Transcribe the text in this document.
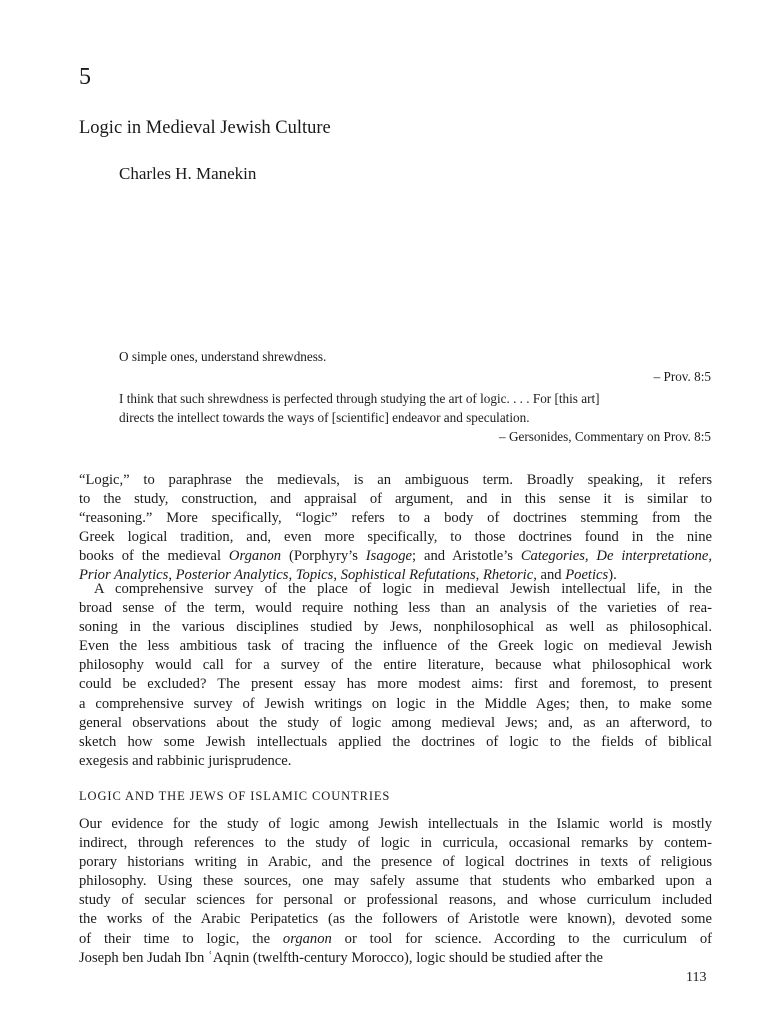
5
Logic in Medieval Jewish Culture
Charles H. Manekin
O simple ones, understand shrewdness.
– Prov. 8:5
I think that such shrewdness is perfected through studying the art of logic. . . . For [this art]
directs the intellect towards the ways of [scientific] endeavor and speculation.
– Gersonides, Commentary on Prov. 8:5
“Logic,” to paraphrase the medievals, is an ambiguous term. Broadly speaking, it refers
to the study, construction, and appraisal of argument, and in this sense it is similar to
“reasoning.” More specifically, “logic” refers to a body of doctrines stemming from the
Greek logical tradition, and, even more specifically, to those doctrines found in the nine
books of the medieval Organon (Porphyry’s Isagoge; and Aristotle’s Categories, De interpretatione,
Prior Analytics, Posterior Analytics, Topics, Sophistical Refutations, Rhetoric, and Poetics).
A comprehensive survey of the place of logic in medieval Jewish intellectual life, in the
broad sense of the term, would require nothing less than an analysis of the varieties of rea-
soning in the various disciplines studied by Jews, nonphilosophical as well as philosophical.
Even the less ambitious task of tracing the influence of the Greek logic on medieval Jewish
philosophy would call for a survey of the entire literature, because what philosophical work
could be excluded? The present essay has more modest aims: first and foremost, to present
a comprehensive survey of Jewish writings on logic in the Middle Ages; then, to make some
general observations about the study of logic among medieval Jews; and, as an afterword, to
sketch how some Jewish intellectuals applied the doctrines of logic to the fields of biblical
exegesis and rabbinic jurisprudence.
LOGIC AND THE JEWS OF ISLAMIC COUNTRIES
Our evidence for the study of logic among Jewish intellectuals in the Islamic world is mostly
indirect, through references to the study of logic in curricula, occasional remarks by contem-
porary historians writing in Arabic, and the presence of logical doctrines in texts of religious
philosophy. Using these sources, one may safely assume that students who embarked upon a
study of secular sciences for personal or professional reasons, and whose curriculum included
the works of the Arabic Peripatetics (as the followers of Aristotle were known), devoted some
of their time to logic, the organon or tool for science. According to the curriculum of
Joseph ben Judah Ibn ʿAqnin (twelfth-century Morocco), logic should be studied after the
113
